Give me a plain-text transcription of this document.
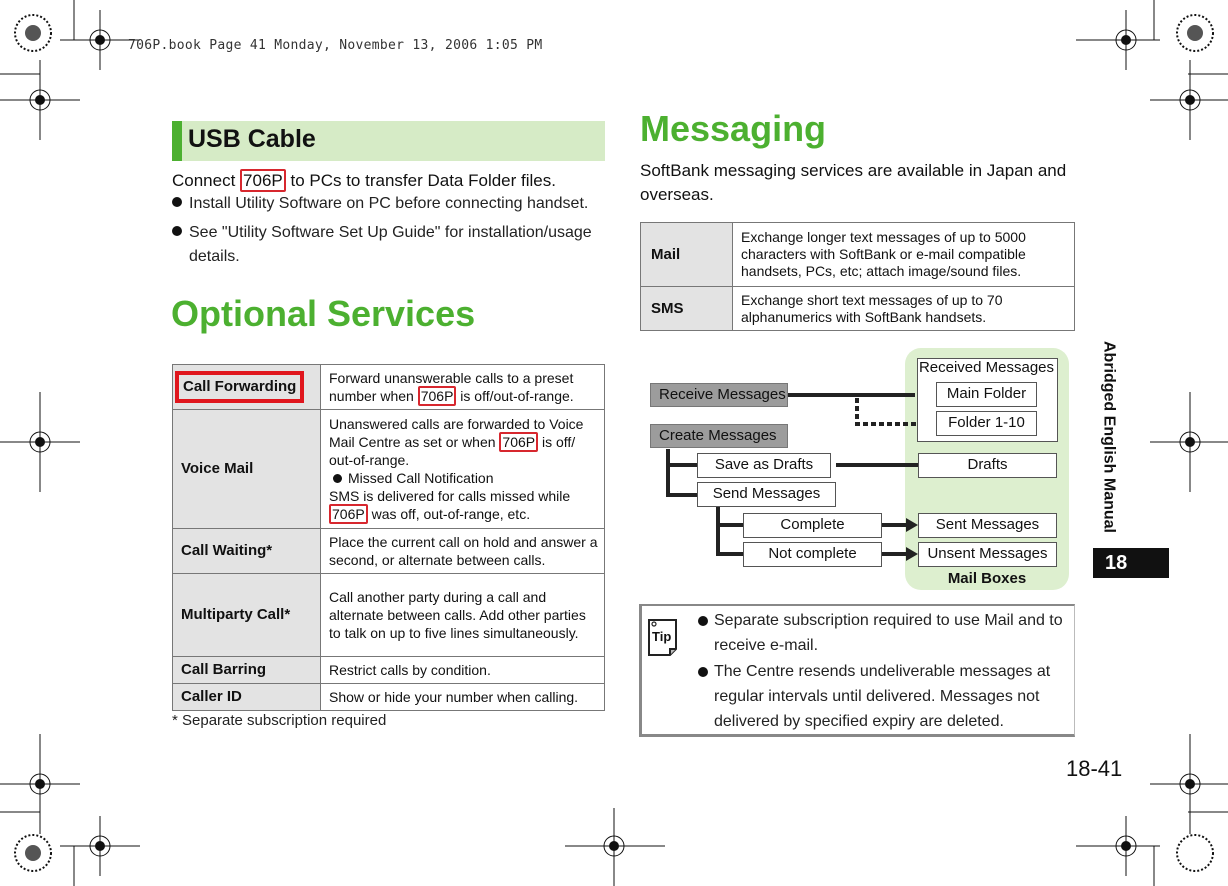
706P.book Page 41 Monday, November 13, 2006 1:05 PM
USB Cable
Connect 706P to PCs to transfer Data Folder files.
Install Utility Software on PC before connecting handset.
See "Utility Software Set Up Guide" for installation/usage details.
Optional Services
Call Forwarding	Forward unanswerable calls to a preset number when 706P is off/out-of-range.
Voice Mail	Unanswered calls are forwarded to Voice Mail Centre as set or when 706P is off/ out-of-range.
Missed Call Notification
SMS is delivered for calls missed while 706P was off, out-of-range, etc.
Call Waiting*	Place the current call on hold and answer a second, or alternate between calls.
Multiparty Call*	Call another party during a call and alternate between calls. Add other parties to talk on up to five lines simultaneously.
Call Barring	Restrict calls by condition.
Caller ID	Show or hide your number when calling.
* Separate subscription required
Messaging
SoftBank messaging services are available in Japan and overseas.
Mail	Exchange longer text messages of up to 5000 characters with SoftBank or e-mail compatible handsets, PCs, etc; attach image/sound files.
SMS	Exchange short text messages of up to 70 alphanumerics with SoftBank handsets.
Receive Messages
Create Messages
Save as Drafts
Send Messages
Complete
Not complete
Received Messages
Main Folder
Folder 1-10
Drafts
Sent Messages
Unsent Messages
Mail Boxes
Tip
Separate subscription required to use Mail and to receive e-mail.
The Centre resends undeliverable messages at regular intervals until delivered. Messages not delivered by specified expiry are deleted.
Abridged English Manual
18
18-41
